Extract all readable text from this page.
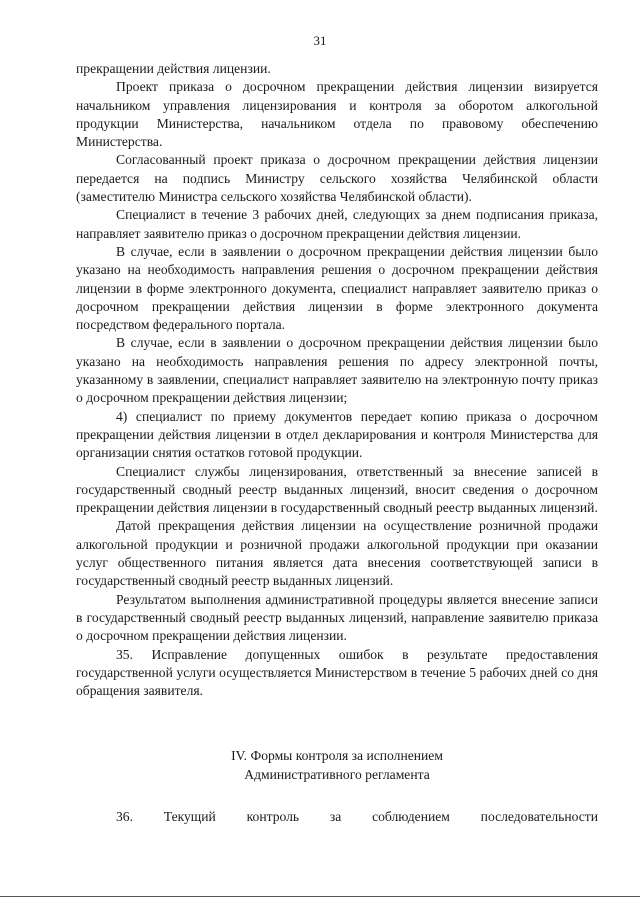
31

прекращении действия лицензии.

Проект приказа о досрочном прекращении действия лицензии визируется начальником управления лицензирования и контроля за оборотом алкогольной продукции Министерства, начальником отдела по правовому обеспечению Министерства.

Согласованный проект приказа о досрочном прекращении действия лицензии передается на подпись Министру сельского хозяйства Челябинской области (заместителю Министра сельского хозяйства Челябинской области).

Специалист в течение 3 рабочих дней, следующих за днем подписания приказа, направляет заявителю приказ о досрочном прекращении действия лицензии.

В случае, если в заявлении о досрочном прекращении действия лицензии было указано на необходимость направления решения о досрочном прекращении действия лицензии в форме электронного документа, специалист направляет заявителю приказ о досрочном прекращении действия лицензии в форме электронного документа посредством федерального портала.

В случае, если в заявлении о досрочном прекращении действия лицензии было указано на необходимость направления решения по адресу электронной почты, указанному в заявлении, специалист направляет заявителю на электронную почту приказ о досрочном прекращении действия лицензии;

4) специалист по приему документов передает копию приказа о досрочном прекращении действия лицензии в отдел декларирования и контроля Министерства для организации снятия остатков готовой продукции.

Специалист службы лицензирования, ответственный за внесение записей в государственный сводный реестр выданных лицензий, вносит сведения о досрочном прекращении действия лицензии в государственный сводный реестр выданных лицензий.

Датой прекращения действия лицензии на осуществление розничной продажи алкогольной продукции и розничной продажи алкогольной продукции при оказании услуг общественного питания является дата внесения соответствующей записи в государственный сводный реестр выданных лицензий.

Результатом выполнения административной процедуры является внесение записи в государственный сводный реестр выданных лицензий, направление заявителю приказа о досрочном прекращении действия лицензии.

35. Исправление допущенных ошибок в результате предоставления государственной услуги осуществляется Министерством в течение 5 рабочих дней со дня обращения заявителя.

IV. Формы контроля за исполнением
Административного регламента

36. Текущий контроль за соблюдением последовательности
